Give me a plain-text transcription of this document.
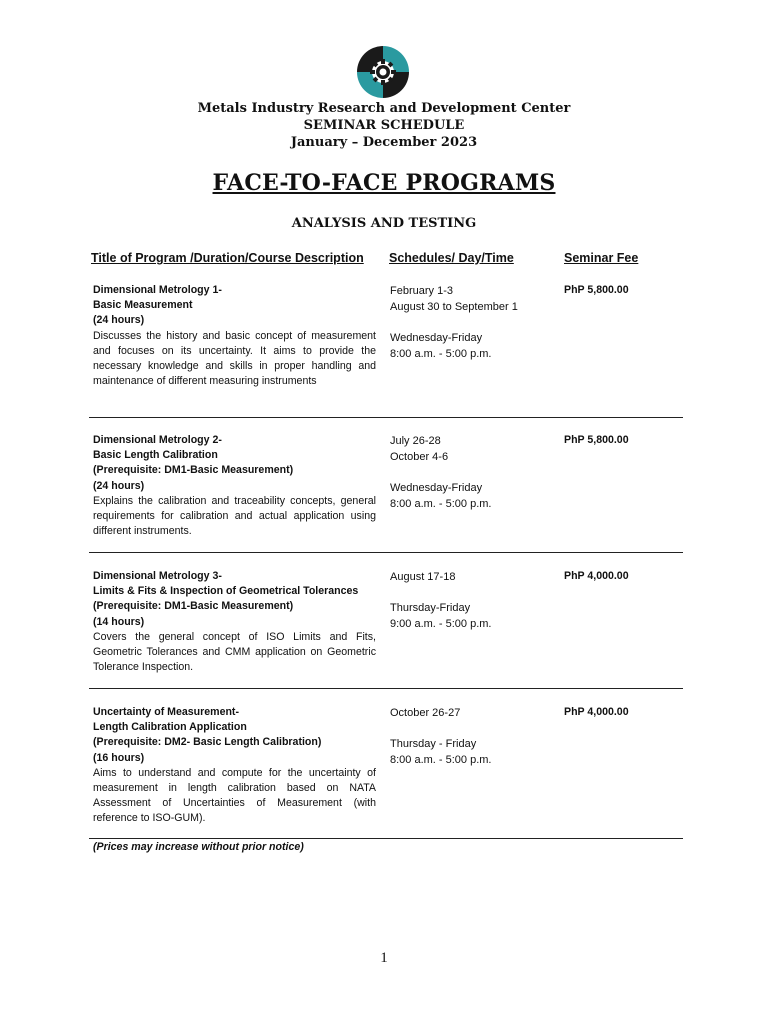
Metals Industry Research and Development Center
SEMINAR SCHEDULE
January – December 2023
FACE-TO-FACE PROGRAMS
ANALYSIS AND TESTING
Title of Program /Duration/Course Description Schedules/ Day/Time	Seminar Fee
Dimensional Metrology 1-
Basic Measurement
(24 hours)
Discusses the history and basic concept of measurement and focuses on its uncertainty. It aims to provide the necessary knowledge and skills in proper handling and maintenance of different measuring instruments
February 1-3
August 30 to September 1
Wednesday-Friday
8:00 a.m. - 5:00 p.m.
PhP 5,800.00
Dimensional Metrology 2-
Basic Length Calibration
(Prerequisite: DM1-Basic Measurement)
(24 hours)
Explains the calibration and traceability concepts, general requirements for calibration and actual application using different instruments.
July 26-28
October 4-6
Wednesday-Friday
8:00 a.m. - 5:00 p.m.
PhP 5,800.00
Dimensional Metrology 3-
Limits & Fits & Inspection of Geometrical Tolerances
(Prerequisite: DM1-Basic Measurement)
(14 hours)
Covers the general concept of ISO Limits and Fits, Geometric Tolerances and CMM application on Geometric Tolerance Inspection.
August 17-18
Thursday-Friday
9:00 a.m. - 5:00 p.m.
PhP 4,000.00
Uncertainty of Measurement-
Length Calibration Application
(Prerequisite: DM2- Basic Length Calibration)
(16 hours)
Aims to understand and compute for the uncertainty of measurement in length calibration based on NATA Assessment of Uncertainties of Measurement (with reference to ISO-GUM).
October 26-27
Thursday - Friday
8:00 a.m. - 5:00 p.m.
PhP 4,000.00
(Prices may increase without prior notice)
1
